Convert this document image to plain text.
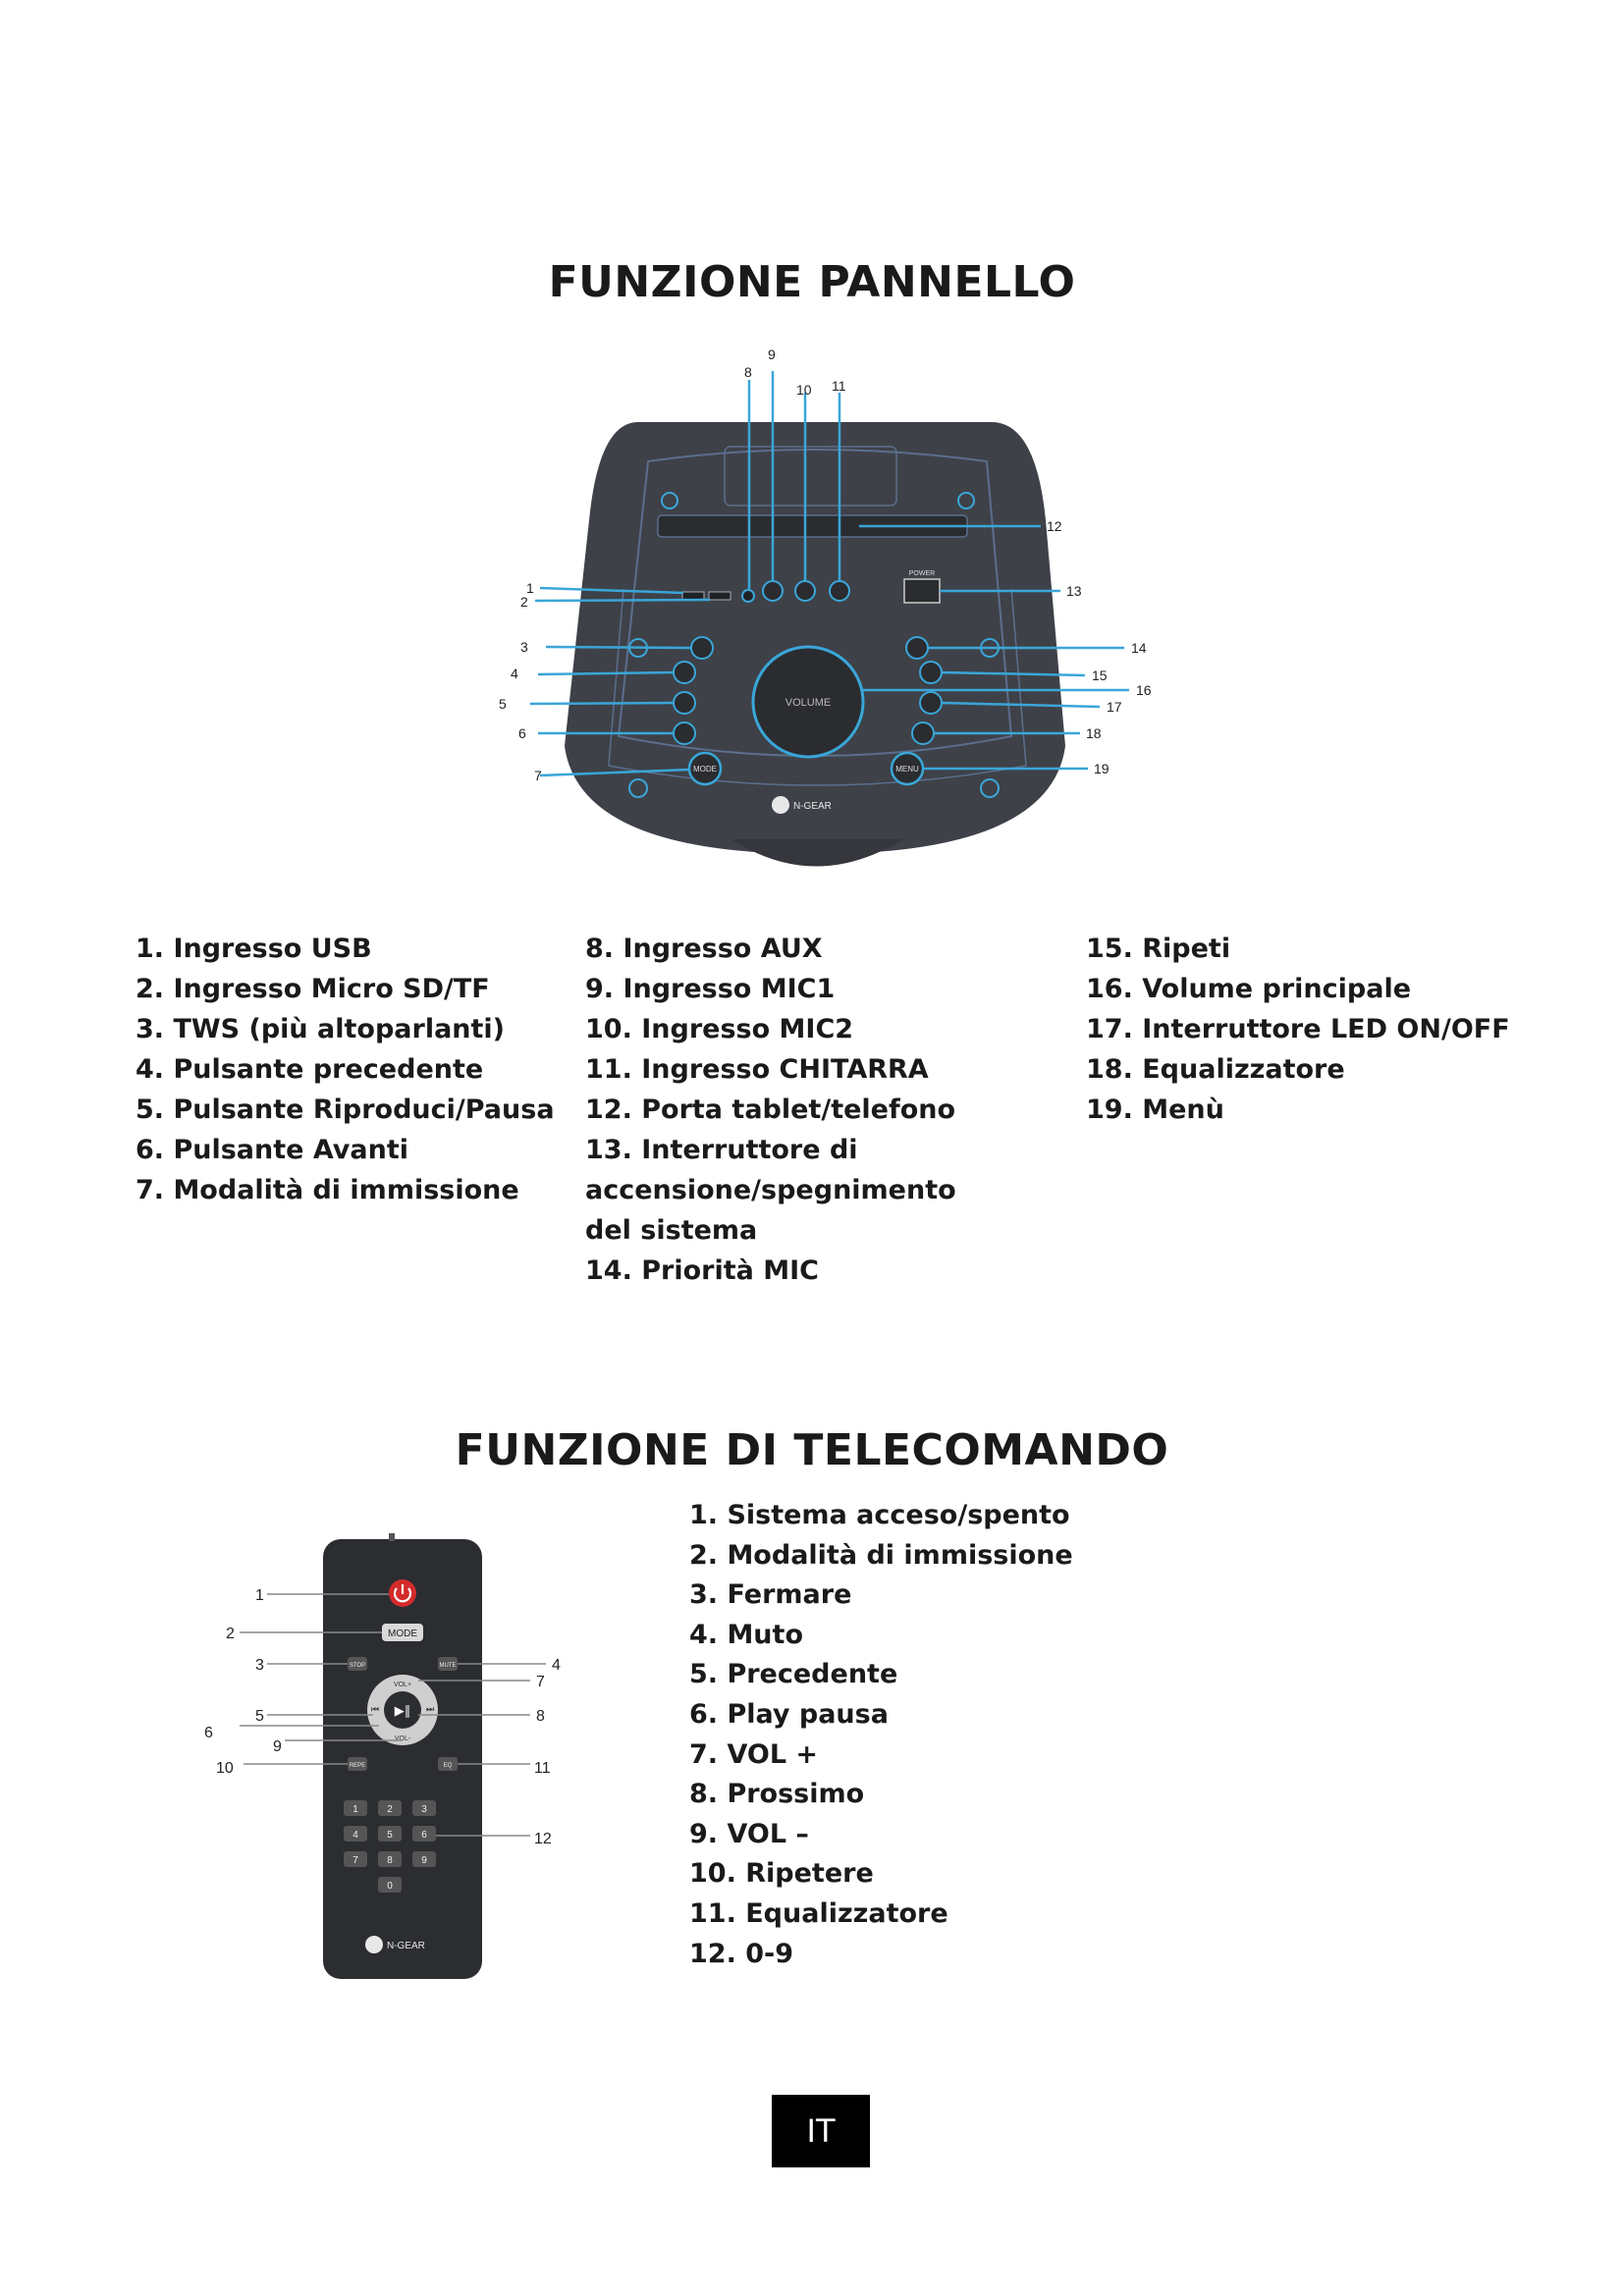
FUNZIONE PANNELLO
POWER
MODE	MENU
VOLUME
N-GEAR
1
2
3
4
5
6
7
8
9
10 11
12
13
14
15
16
17
18
19
1. Ingresso USB
2. Ingresso Micro SD/TF
3. TWS (più altoparlanti)
4. Pulsante precedente
5. Pulsante Riproduci/Pausa
6. Pulsante Avanti
7. Modalità di immissione
8. Ingresso AUX
9. Ingresso MIC1
10. Ingresso MIC2
11. Ingresso CHITARRA
12. Porta tablet/telefono
13. Interruttore di accensione/spegnimento del sistema
14. Priorità MIC
15. Ripeti
16. Volume principale
17. Interruttore LED ON/OFF
18. Equalizzatore
19. Menù
FUNZIONE DI TELECOMANDO
MODE
STOP	MUTE
▶∥
VOL+
VOL-
⏮	⏭
REPE	EQ
1	2	3
4	5	6
7	8	9
0
N-GEAR
1
2
3	4
7
5
6
8
9
10	11
12
1. Sistema acceso/spento
2. Modalità di immissione
3. Fermare
4. Muto
5. Precedente
6. Play pausa
7. VOL +
8. Prossimo
9. VOL –
10. Ripetere
11. Equalizzatore
12. 0-9
IT
